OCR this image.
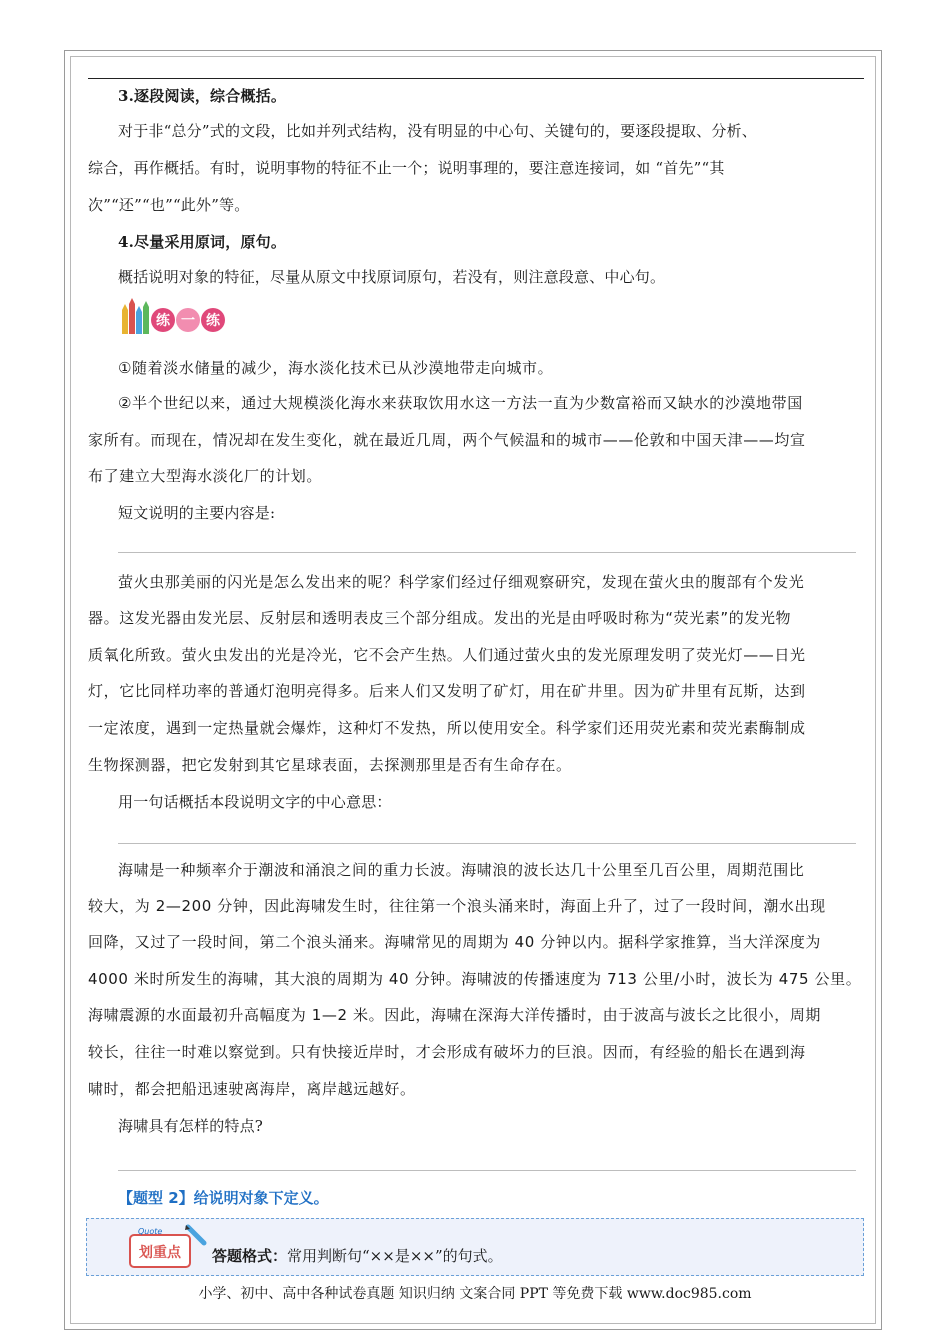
3.逐段阅读，综合概括。
对于非“总分”式的文段，比如并列式结构，没有明显的中心句、关键句的，要逐段提取、分析、
综合，再作概括。有时，说明事物的特征不止一个；说明事理的，要注意连接词，如 “首先”“其
次”“还”“也”“此外”等。
4.尽量采用原词，原句。
概括说明对象的特征，尽量从原文中找原词原句，若没有，则注意段意、中心句。
练 一 练
①随着淡水储量的减少，海水淡化技术已从沙漠地带走向城市。
②半个世纪以来，通过大规模淡化海水来获取饮用水这一方法一直为少数富裕而又缺水的沙漠地带国
家所有。而现在，情况却在发生变化，就在最近几周，两个气候温和的城市——伦敦和中国天津——均宣
布了建立大型海水淡化厂的计划。
短文说明的主要内容是:
萤火虫那美丽的闪光是怎么发出来的呢？科学家们经过仔细观察研究，发现在萤火虫的腹部有个发光
器。这发光器由发光层、反射层和透明表皮三个部分组成。发出的光是由呼吸时称为“荧光素”的发光物
质氧化所致。萤火虫发出的光是冷光，它不会产生热。人们通过萤火虫的发光原理发明了荧光灯——日光
灯，它比同样功率的普通灯泡明亮得多。后来人们又发明了矿灯，用在矿井里。因为矿井里有瓦斯，达到
一定浓度，遇到一定热量就会爆炸，这种灯不发热，所以使用安全。科学家们还用荧光素和荧光素酶制成
生物探测器，把它发射到其它星球表面，去探测那里是否有生命存在。
用一句话概括本段说明文字的中心意思：
海啸是一种频率介于潮波和涌浪之间的重力长波。海啸浪的波长达几十公里至几百公里，周期范围比
较大，为 2—200 分钟，因此海啸发生时，往往第一个浪头涌来时，海面上升了，过了一段时间，潮水出现
回降，又过了一段时间，第二个浪头涌来。海啸常见的周期为 40 分钟以内。据科学家推算，当大洋深度为
4000 米时所发生的海啸，其大浪的周期为 40 分钟。海啸波的传播速度为 713 公里/小时，波长为 475 公里。
海啸震源的水面最初升高幅度为 1—2 米。因此，海啸在深海大洋传播时，由于波高与波长之比很小，周期
较长，往往一时难以察觉到。只有快接近岸时，才会形成有破坏力的巨浪。因而，有经验的船长在遇到海
啸时，都会把船迅速驶离海岸，离岸越远越好。
海啸具有怎样的特点?
【题型 2】给说明对象下定义。
Quote
划重点 答题格式：常用判断句“××是××”的句式。
小学、初中、高中各种试卷真题 知识归纳 文案合同 PPT 等免费下载 www.doc985.com
